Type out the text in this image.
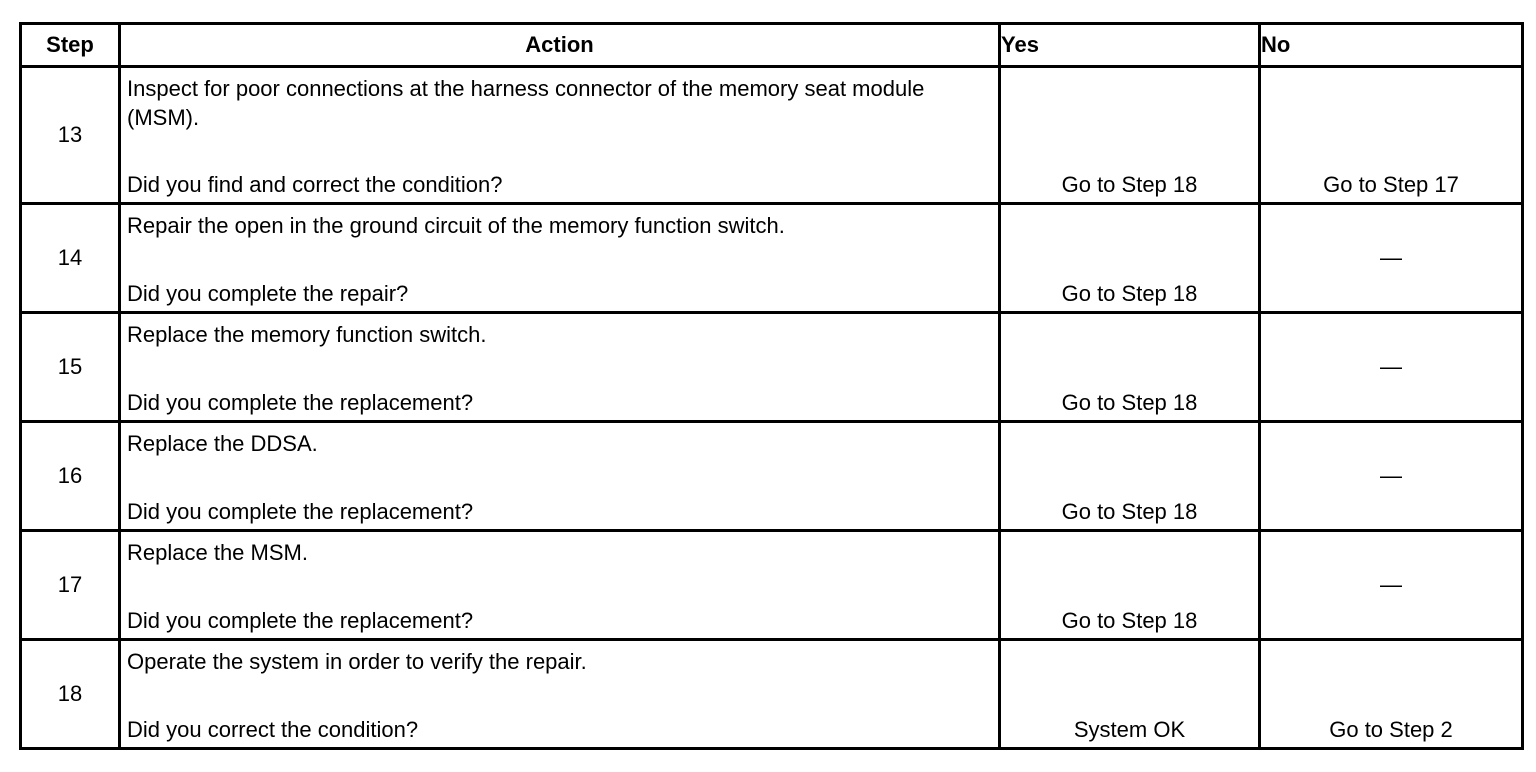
Step	Action	Yes	No
13	Inspect for poor connections at the harness connector of the memory seat module (MSM).
Did you find and correct the condition?	Go to Step 18	Go to Step 17

14	Repair the open in the ground circuit of the memory function switch.
Did you complete the repair?	Go to Step 18	—

15	Replace the memory function switch.
Did you complete the replacement?	Go to Step 18	—

16	Replace the DDSA.
Did you complete the replacement?	Go to Step 18	—

17	Replace the MSM.
Did you complete the replacement?	Go to Step 18	—

18	Operate the system in order to verify the repair.
Did you correct the condition?	System OK	Go to Step 2
